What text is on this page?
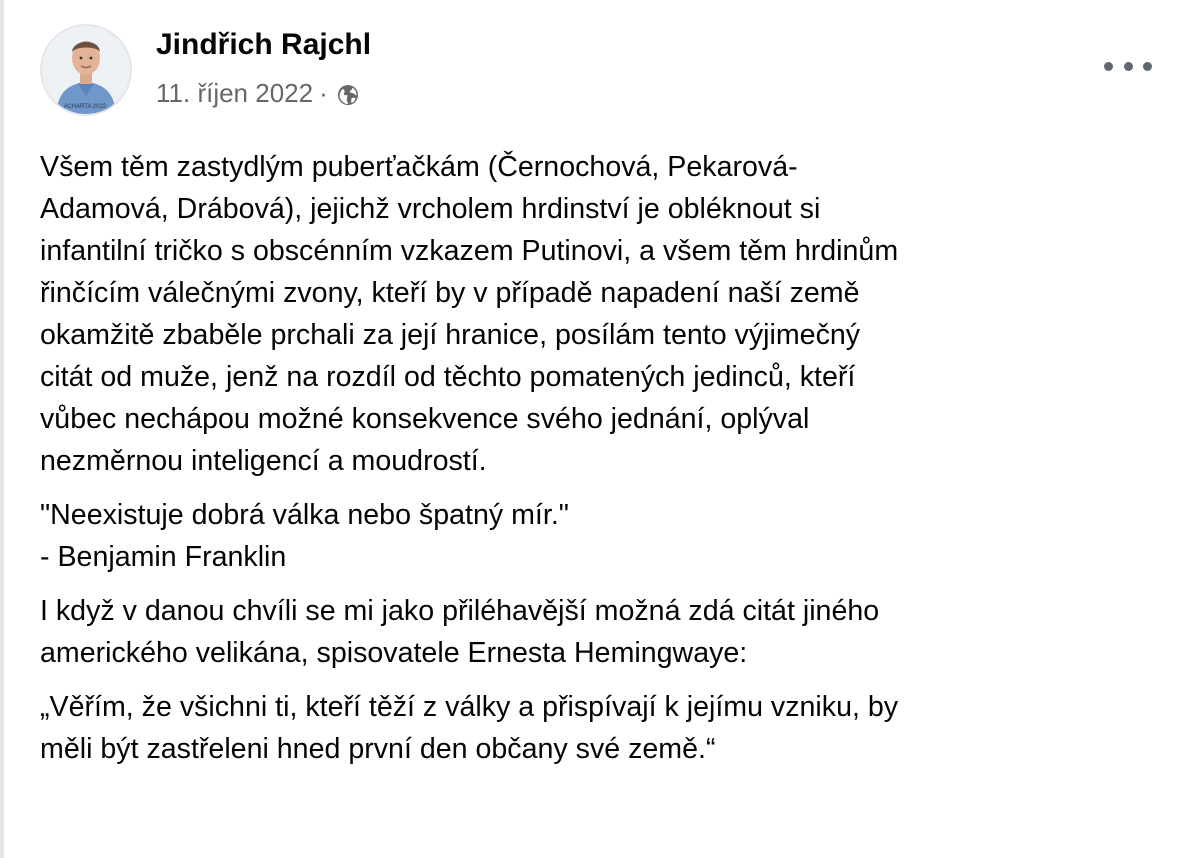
#CHARTA 2022
Jindřich Rajchl
11. říjen 2022 ·

Všem těm zastydlým puberťačkám (Černochová, Pekarová-
Adamová, Drábová), jejichž vrcholem hrdinství je obléknout si
infantilní tričko s obscénním vzkazem Putinovi, a všem těm hrdinům
řinčícím válečnými zvony, kteří by v případě napadení naší země
okamžitě zbaběle prchali za její hranice, posílám tento výjimečný
citát od muže, jenž na rozdíl od těchto pomatených jedinců, kteří
vůbec nechápou možné konsekvence svého jednání, oplýval
nezměrnou inteligencí a moudrostí.

"Neexistuje dobrá válka nebo špatný mír."
- Benjamin Franklin

I když v danou chvíli se mi jako přiléhavější možná zdá citát jiného
amerického velikána, spisovatele Ernesta Hemingwaye:

„Věřím, že všichni ti, kteří těží z války a přispívají k jejímu vzniku, by
měli být zastřeleni hned první den občany své země.“
